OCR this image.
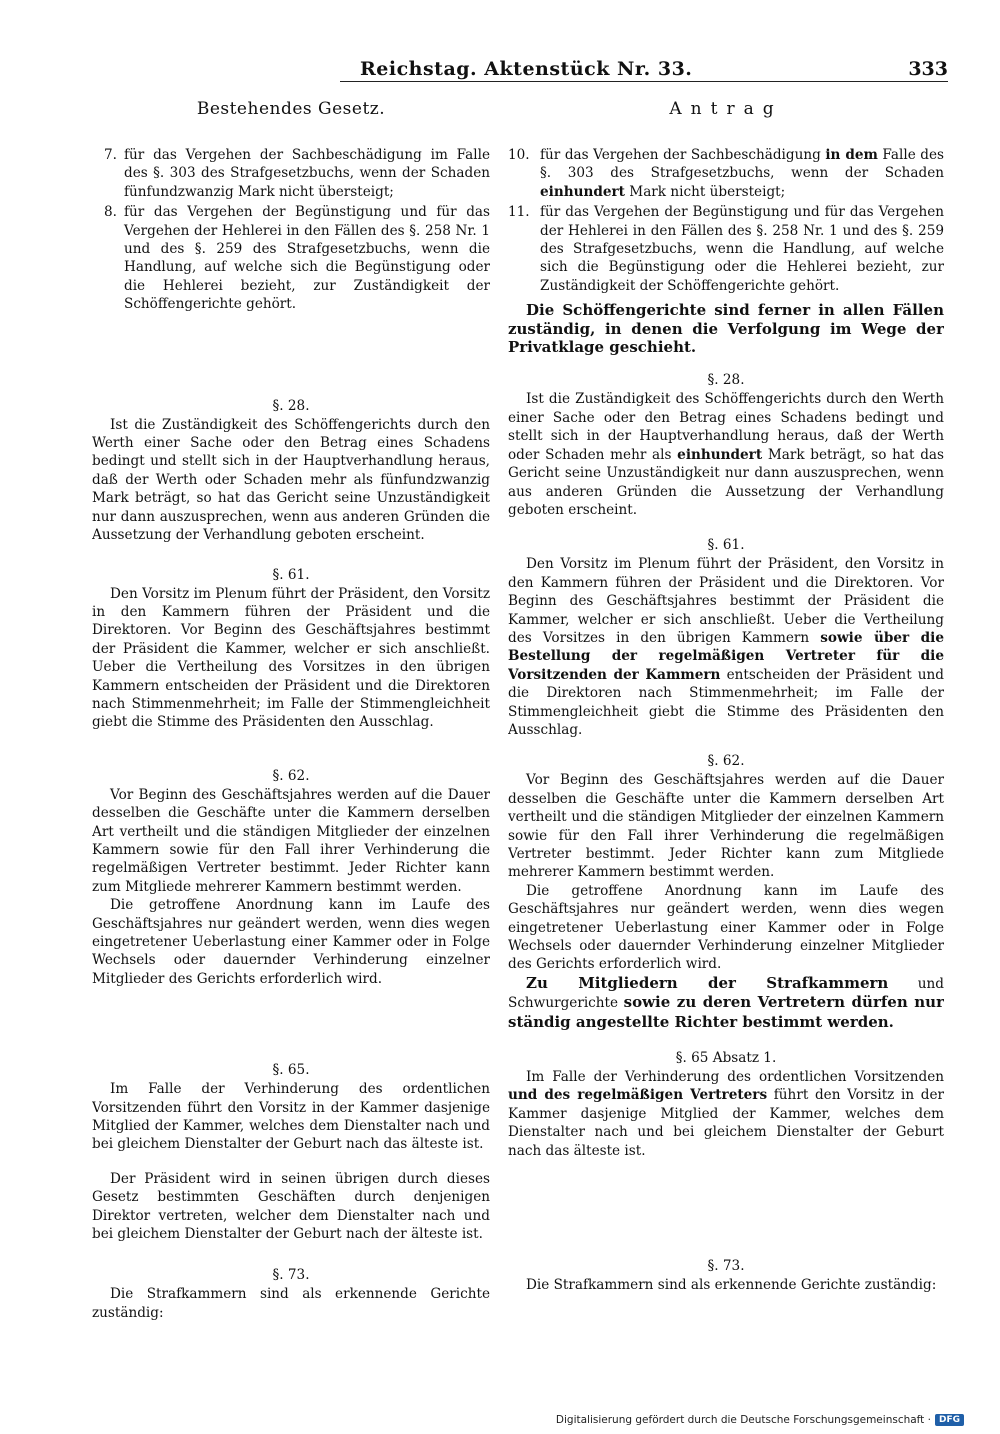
Reichstag. Aktenstück Nr. 33.	333
Bestehendes Gesetz.
7. für das Vergehen der Sachbeschädigung im Falle des §. 303 des Strafgesetzbuchs, wenn der Schaden fünfundzwanzig Mark nicht übersteigt;
8. für das Vergehen der Begünstigung und für das Vergehen der Hehlerei in den Fällen des §. 258 Nr. 1 und des §. 259 des Strafgesetzbuchs, wenn die Handlung, auf welche sich die Begünstigung oder die Hehlerei bezieht, zur Zuständigkeit der Schöffengerichte gehört.
§. 28.

Ist die Zuständigkeit des Schöffengerichts durch den Werth einer Sache oder den Betrag eines Schadens bedingt und stellt sich in der Hauptverhandlung heraus, daß der Werth oder Schaden mehr als fünfundzwanzig Mark beträgt, so hat das Gericht seine Unzuständigkeit nur dann auszusprechen, wenn aus anderen Gründen die Aussetzung der Verhandlung geboten erscheint.

§. 61.

Den Vorsitz im Plenum führt der Präsident, den Vorsitz in den Kammern führen der Präsident und die Direktoren. Vor Beginn des Geschäftsjahres bestimmt der Präsident die Kammer, welcher er sich anschließt. Ueber die Vertheilung des Vorsitzes in den übrigen Kammern entscheiden der Präsident und die Direktoren nach Stimmenmehrheit; im Falle der Stimmengleichheit giebt die Stimme des Präsidenten den Ausschlag.

§. 62.

Vor Beginn des Geschäftsjahres werden auf die Dauer desselben die Geschäfte unter die Kammern derselben Art vertheilt und die ständigen Mitglieder der einzelnen Kammern sowie für den Fall ihrer Verhinderung die regelmäßigen Vertreter bestimmt. Jeder Richter kann zum Mitgliede mehrerer Kammern bestimmt werden.

Die getroffene Anordnung kann im Laufe des Geschäftsjahres nur geändert werden, wenn dies wegen eingetretener Ueberlastung einer Kammer oder in Folge Wechsels oder dauernder Verhinderung einzelner Mitglieder des Gerichts erforderlich wird.

§. 65.

Im Falle der Verhinderung des ordentlichen Vorsitzenden führt den Vorsitz in der Kammer dasjenige Mitglied der Kammer, welches dem Dienstalter nach und bei gleichem Dienstalter der Geburt nach das älteste ist.

Der Präsident wird in seinen übrigen durch dieses Gesetz bestimmten Geschäften durch denjenigen Direktor vertreten, welcher dem Dienstalter nach und bei gleichem Dienstalter der Geburt nach der älteste ist.

§. 73.

Die Strafkammern sind als erkennende Gerichte zuständig:

Antrag
10. für das Vergehen der Sachbeschädigung in dem Falle des §. 303 des Strafgesetzbuchs, wenn der Schaden einhundert Mark nicht übersteigt;
11. für das Vergehen der Begünstigung und für das Vergehen der Hehlerei in den Fällen des §. 258 Nr. 1 und des §. 259 des Strafgesetzbuchs, wenn die Handlung, auf welche sich die Begünstigung oder die Hehlerei bezieht, zur Zuständigkeit der Schöffengerichte gehört.

Die Schöffengerichte sind ferner in allen Fällen zuständig, in denen die Verfolgung im Wege der Privatklage geschieht.

§. 28.

Ist die Zuständigkeit des Schöffengerichts durch den Werth einer Sache oder den Betrag eines Schadens bedingt und stellt sich in der Hauptverhandlung heraus, daß der Werth oder Schaden mehr als einhundert Mark beträgt, so hat das Gericht seine Unzuständigkeit nur dann auszusprechen, wenn aus anderen Gründen die Aussetzung der Verhandlung geboten erscheint.

§. 61.

Den Vorsitz im Plenum führt der Präsident, den Vorsitz in den Kammern führen der Präsident und die Direktoren. Vor Beginn des Geschäftsjahres bestimmt der Präsident die Kammer, welcher er sich anschließt. Ueber die Vertheilung des Vorsitzes in den übrigen Kammern sowie über die Bestellung der regelmäßigen Vertreter für die Vorsitzenden der Kammern entscheiden der Präsident und die Direktoren nach Stimmenmehrheit; im Falle der Stimmengleichheit giebt die Stimme des Präsidenten den Ausschlag.

§. 62.

Vor Beginn des Geschäftsjahres werden auf die Dauer desselben die Geschäfte unter die Kammern derselben Art vertheilt und die ständigen Mitglieder der einzelnen Kammern sowie für den Fall ihrer Verhinderung die regelmäßigen Vertreter bestimmt. Jeder Richter kann zum Mitgliede mehrerer Kammern bestimmt werden.

Die getroffene Anordnung kann im Laufe des Geschäftsjahres nur geändert werden, wenn dies wegen eingetretener Ueberlastung einer Kammer oder in Folge Wechsels oder dauernder Verhinderung einzelner Mitglieder des Gerichts erforderlich wird.

Zu Mitgliedern der Strafkammern und Schwurgerichte sowie zu deren Vertretern dürfen nur ständig angestellte Richter bestimmt werden.

§. 65 Absatz 1.

Im Falle der Verhinderung des ordentlichen Vorsitzenden und des regelmäßigen Vertreters führt den Vorsitz in der Kammer dasjenige Mitglied der Kammer, welches dem Dienstalter nach und bei gleichem Dienstalter der Geburt nach das älteste ist.

§. 73.

Die Strafkammern sind als erkennende Gerichte zuständig:

Digitalisierung gefördert durch die Deutsche Forschungsgemeinschaft · DFG
